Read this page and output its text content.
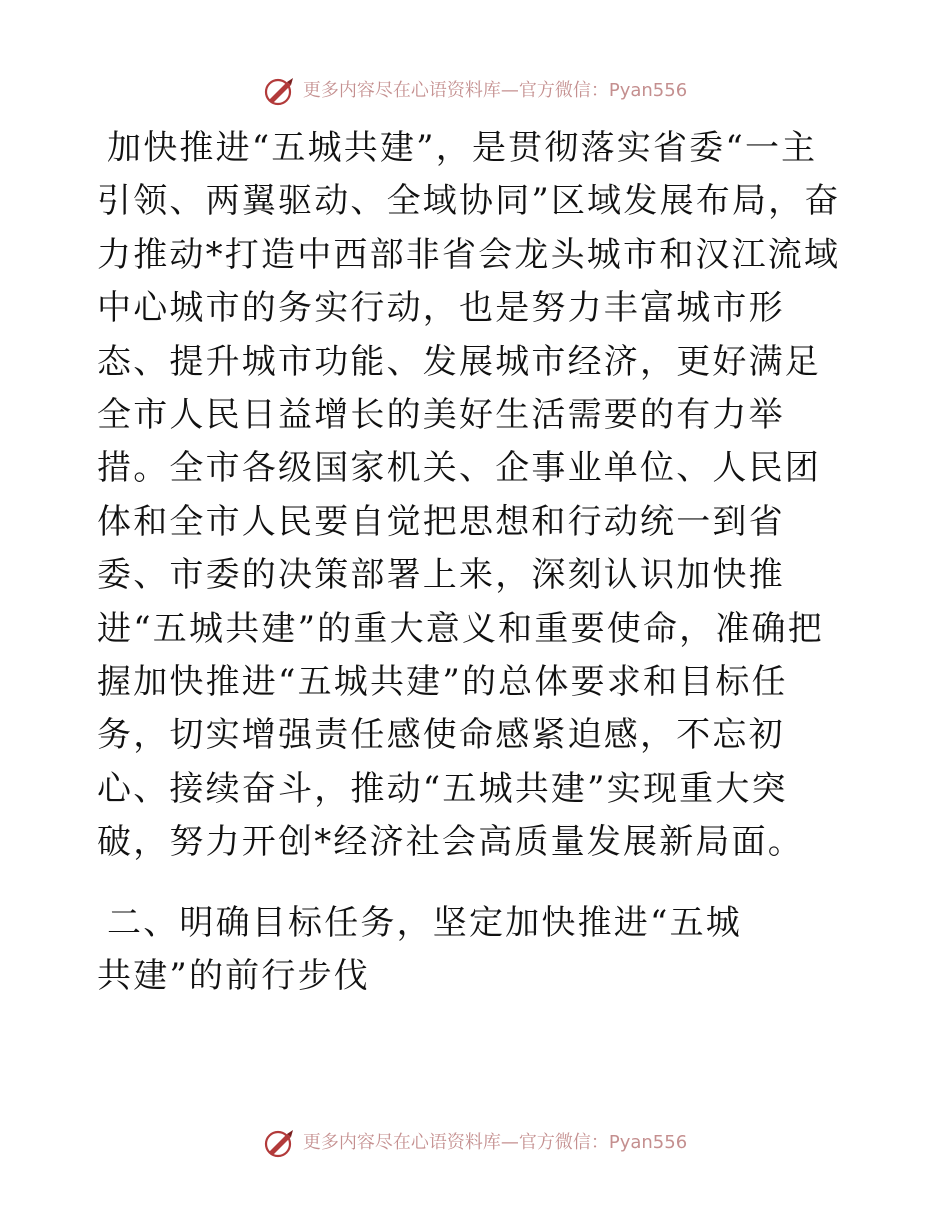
更多内容尽在心语资料库—官方微信：Pyan556

加快推进“五城共建”，是贯彻落实省委“一主引领、两翼驱动、全域协同”区域发展布局，奋力推动*打造中西部非省会龙头城市和汉江流域中心城市的务实行动，也是努力丰富城市形态、提升城市功能、发展城市经济，更好满足全市人民日益增长的美好生活需要的有力举措。全市各级国家机关、企事业单位、人民团体和全市人民要自觉把思想和行动统一到省委、市委的决策部署上来，深刻认识加快推进“五城共建”的重大意义和重要使命，准确把握加快推进“五城共建”的总体要求和目标任务，切实增强责任感使命感紧迫感，不忘初心、接续奋斗，推动“五城共建”实现重大突破，努力开创*经济社会高质量发展新局面。

二、明确目标任务，坚定加快推进“五城共建”的前行步伐

更多内容尽在心语资料库—官方微信：Pyan556
